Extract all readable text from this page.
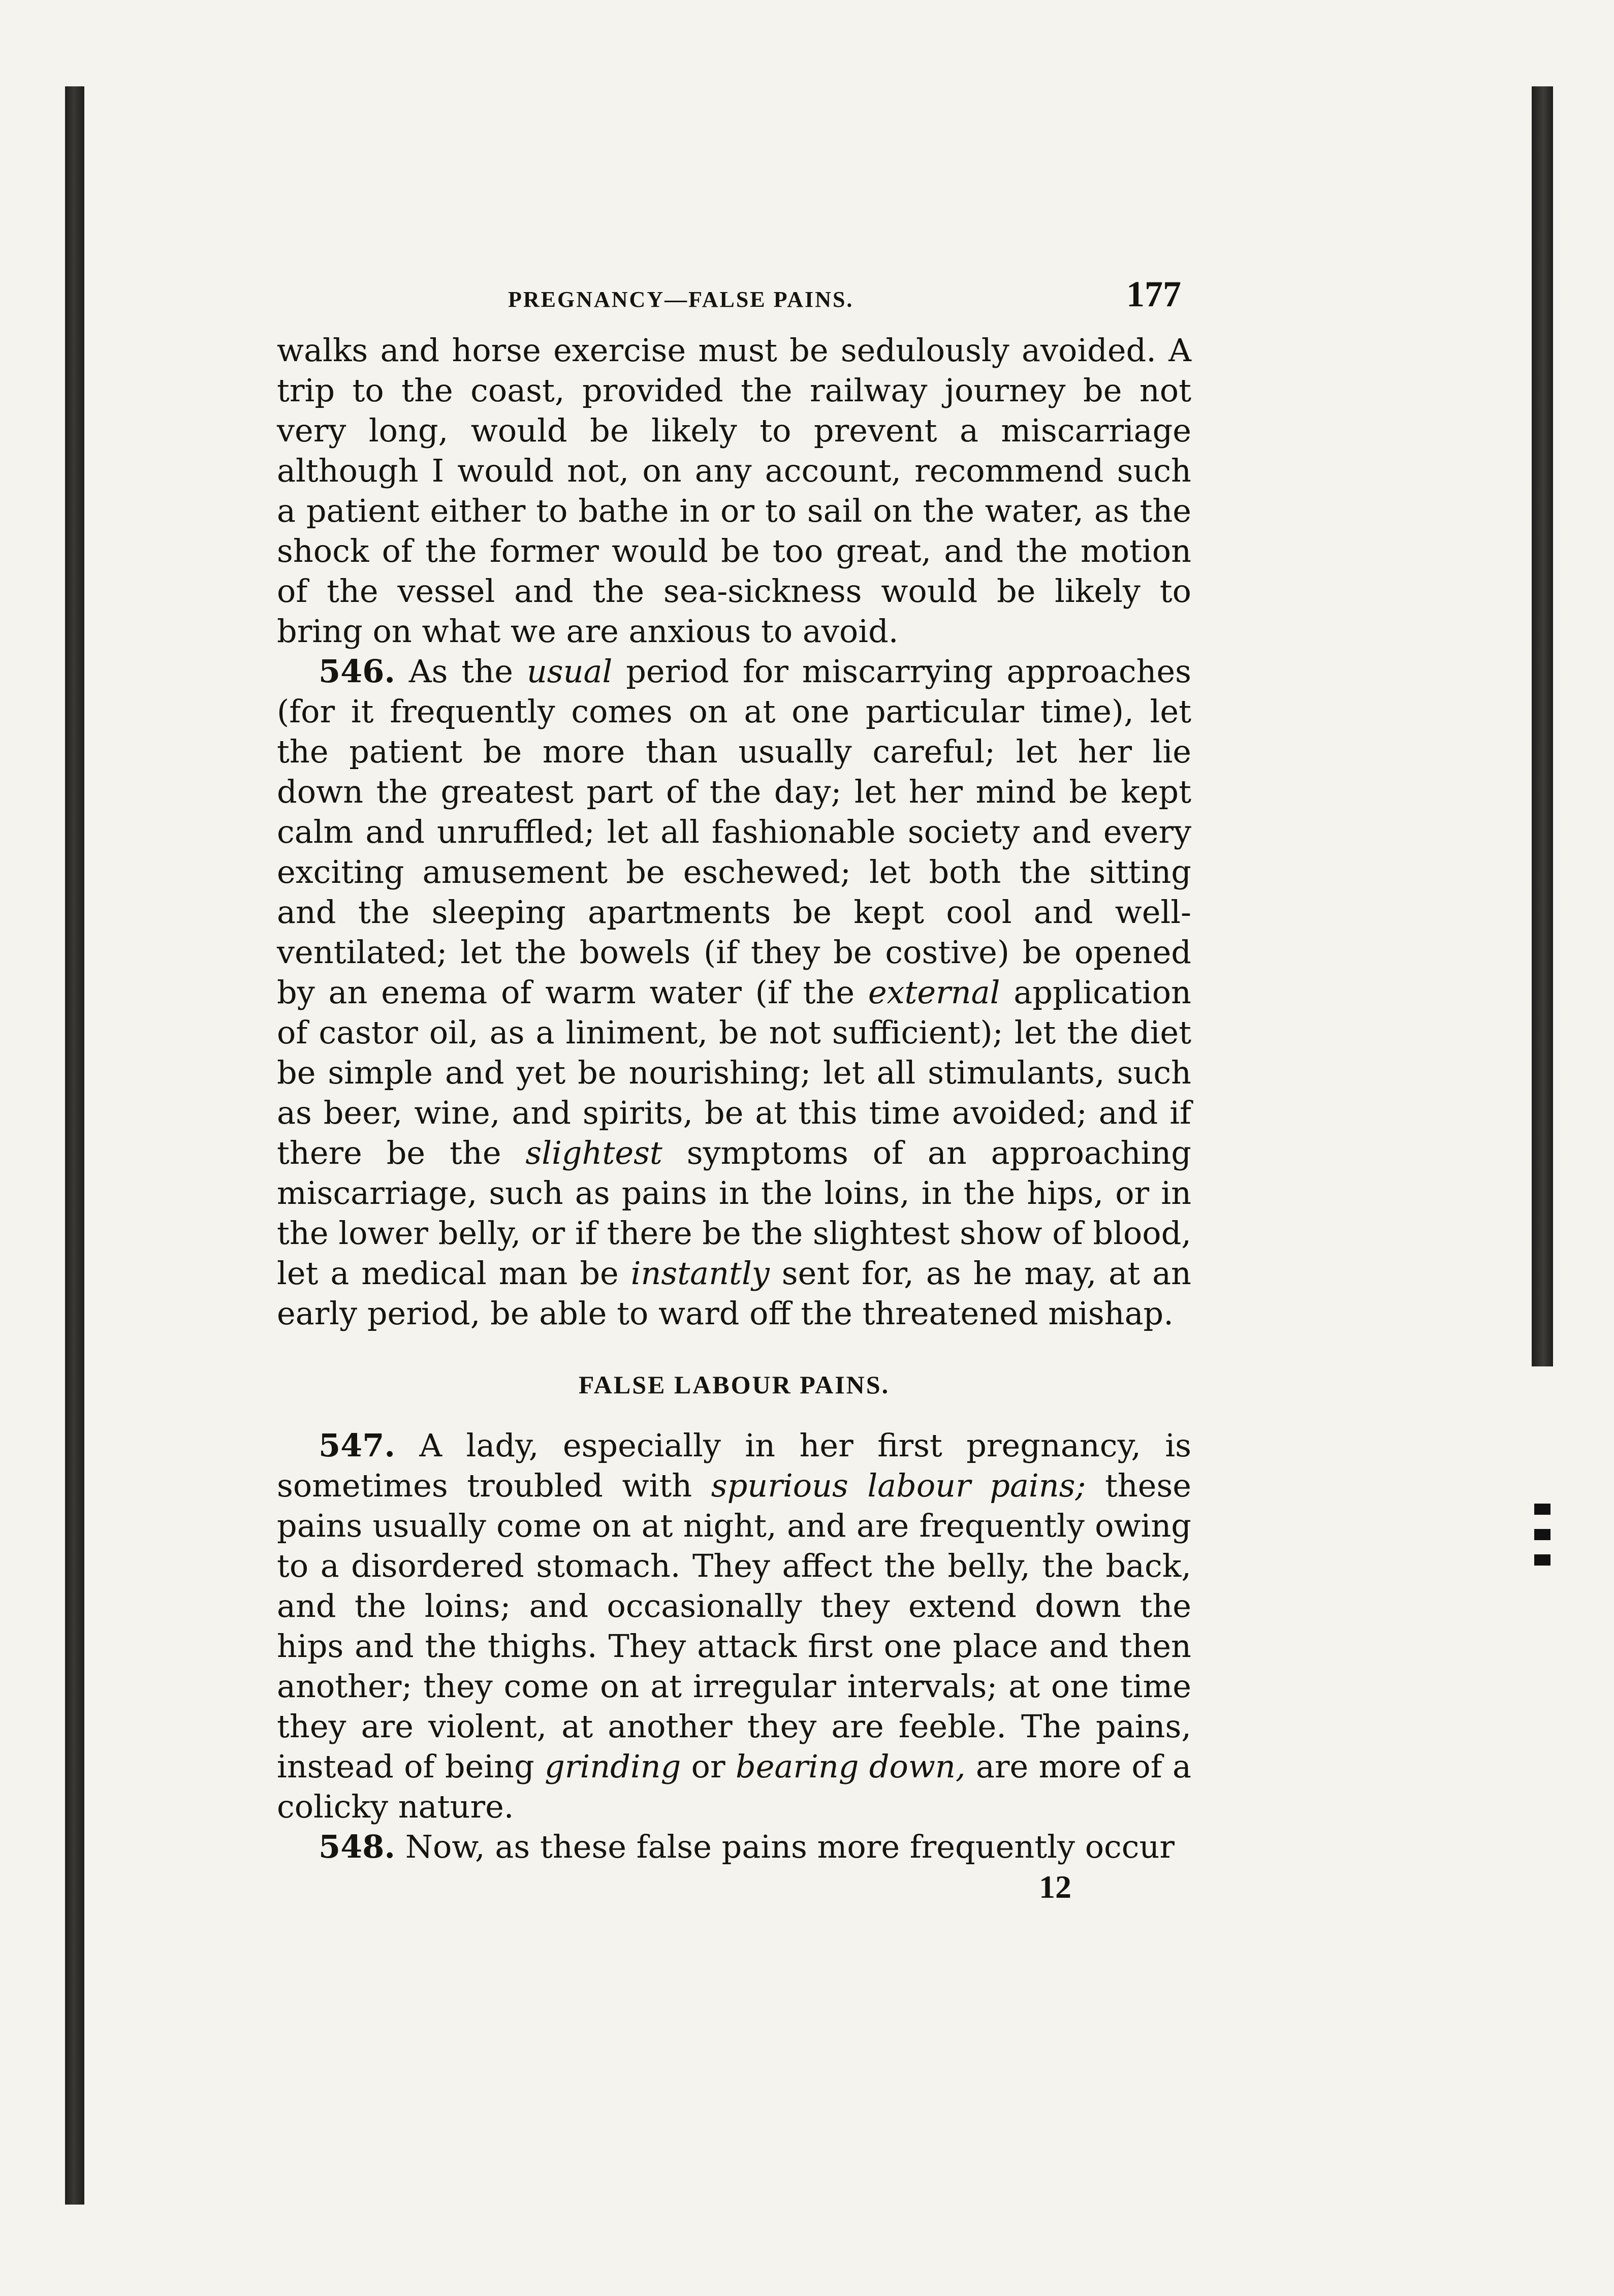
PREGNANCY—FALSE PAINS.	177

walks and horse exercise must be sedulously avoided. A trip to the coast, provided the railway journey be not very long, would be likely to prevent a miscarriage although I would not, on any account, recommend such a patient either to bathe in or to sail on the water, as the shock of the former would be too great, and the motion of the vessel and the sea-sickness would be likely to bring on what we are anxious to avoid.

546. As the usual period for miscarrying approaches (for it frequently comes on at one particular time), let the patient be more than usually careful; let her lie down the greatest part of the day; let her mind be kept calm and unruffled; let all fashionable society and every exciting amusement be eschewed; let both the sitting and the sleeping apartments be kept cool and well-ventilated; let the bowels (if they be costive) be opened by an enema of warm water (if the external application of castor oil, as a liniment, be not sufficient); let the diet be simple and yet be nourishing; let all stimulants, such as beer, wine, and spirits, be at this time avoided; and if there be the slightest symptoms of an approaching miscarriage, such as pains in the loins, in the hips, or in the lower belly, or if there be the slightest show of blood, let a medical man be instantly sent for, as he may, at an early period, be able to ward off the threatened mishap.

FALSE LABOUR PAINS.

547. A lady, especially in her first pregnancy, is sometimes troubled with spurious labour pains; these pains usually come on at night, and are frequently owing to a disordered stomach. They affect the belly, the back, and the loins; and occasionally they extend down the hips and the thighs. They attack first one place and then another; they come on at irregular intervals; at one time they are violent, at another they are feeble. The pains, instead of being grinding or bearing down, are more of a colicky nature.

548. Now, as these false pains more frequently occur

12
